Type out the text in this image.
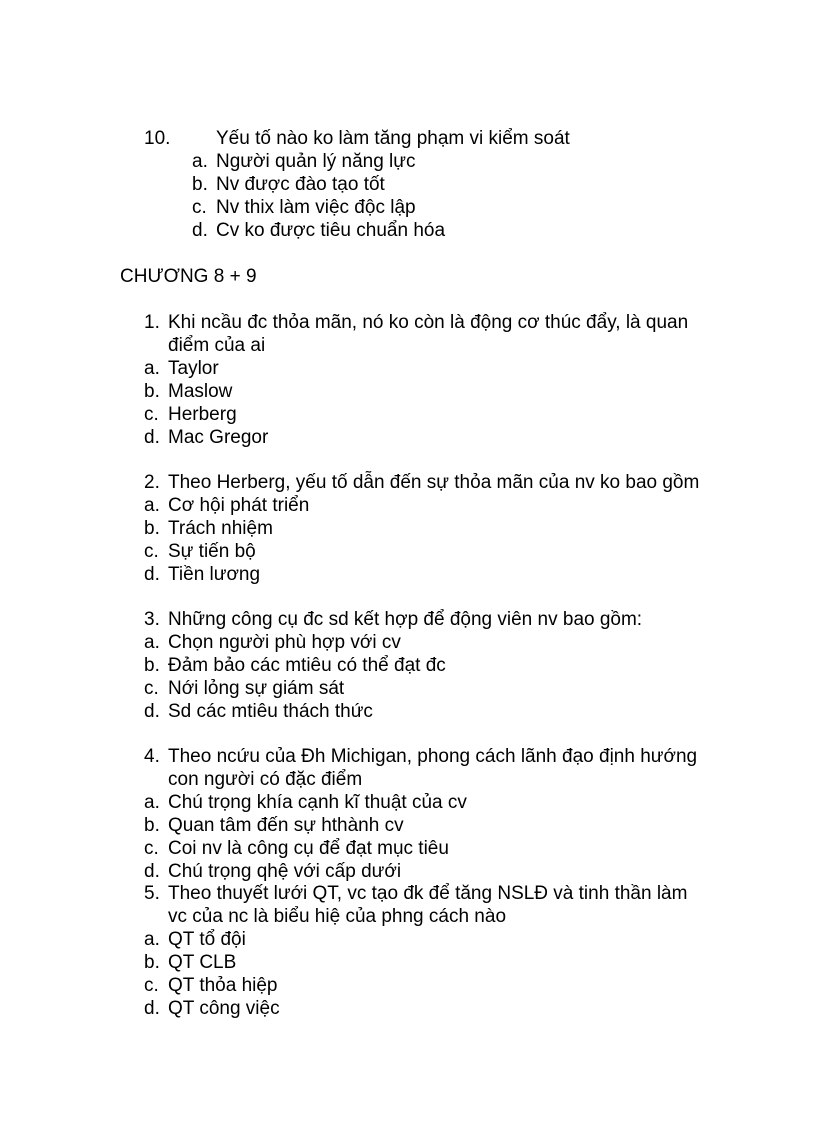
10. Yếu tố nào ko làm tăng phạm vi kiểm soát
a. Người quản lý năng lực
b. Nv được đào tạo tốt
c. Nv thix làm việc độc lập
d. Cv ko được tiêu chuẩn hóa
CHƯƠNG 8 + 9
1. Khi ncầu đc thỏa mãn, nó ko còn là động cơ thúc đẩy, là quan
điểm của ai
a. Taylor
b. Maslow
c. Herberg
d. Mac Gregor
2. Theo Herberg, yếu tố dẫn đến sự thỏa mãn của nv ko bao gồm
a. Cơ hội phát triển
b. Trách nhiệm
c. Sự tiến bộ
d. Tiền lương
3. Những công cụ đc sd kết hợp để động viên nv bao gồm:
a. Chọn người phù hợp với cv
b. Đảm bảo các mtiêu có thể đạt đc
c. Nới lỏng sự giám sát
d. Sd các mtiêu thách thức
4. Theo ncứu của Đh Michigan, phong cách lãnh đạo định hướng
con người có đặc điểm
a. Chú trọng khía cạnh kĩ thuật của cv
b. Quan tâm đến sự hthành cv
c. Coi nv là công cụ để đạt mục tiêu
d. Chú trọng qhệ với cấp dưới
5. Theo thuyết lưới QT, vc tạo đk để tăng NSLĐ và tinh thần làm
vc của nc là biểu hiệ của phng cách nào
a. QT tổ đội
b. QT CLB
c. QT thỏa hiệp
d. QT công việc
